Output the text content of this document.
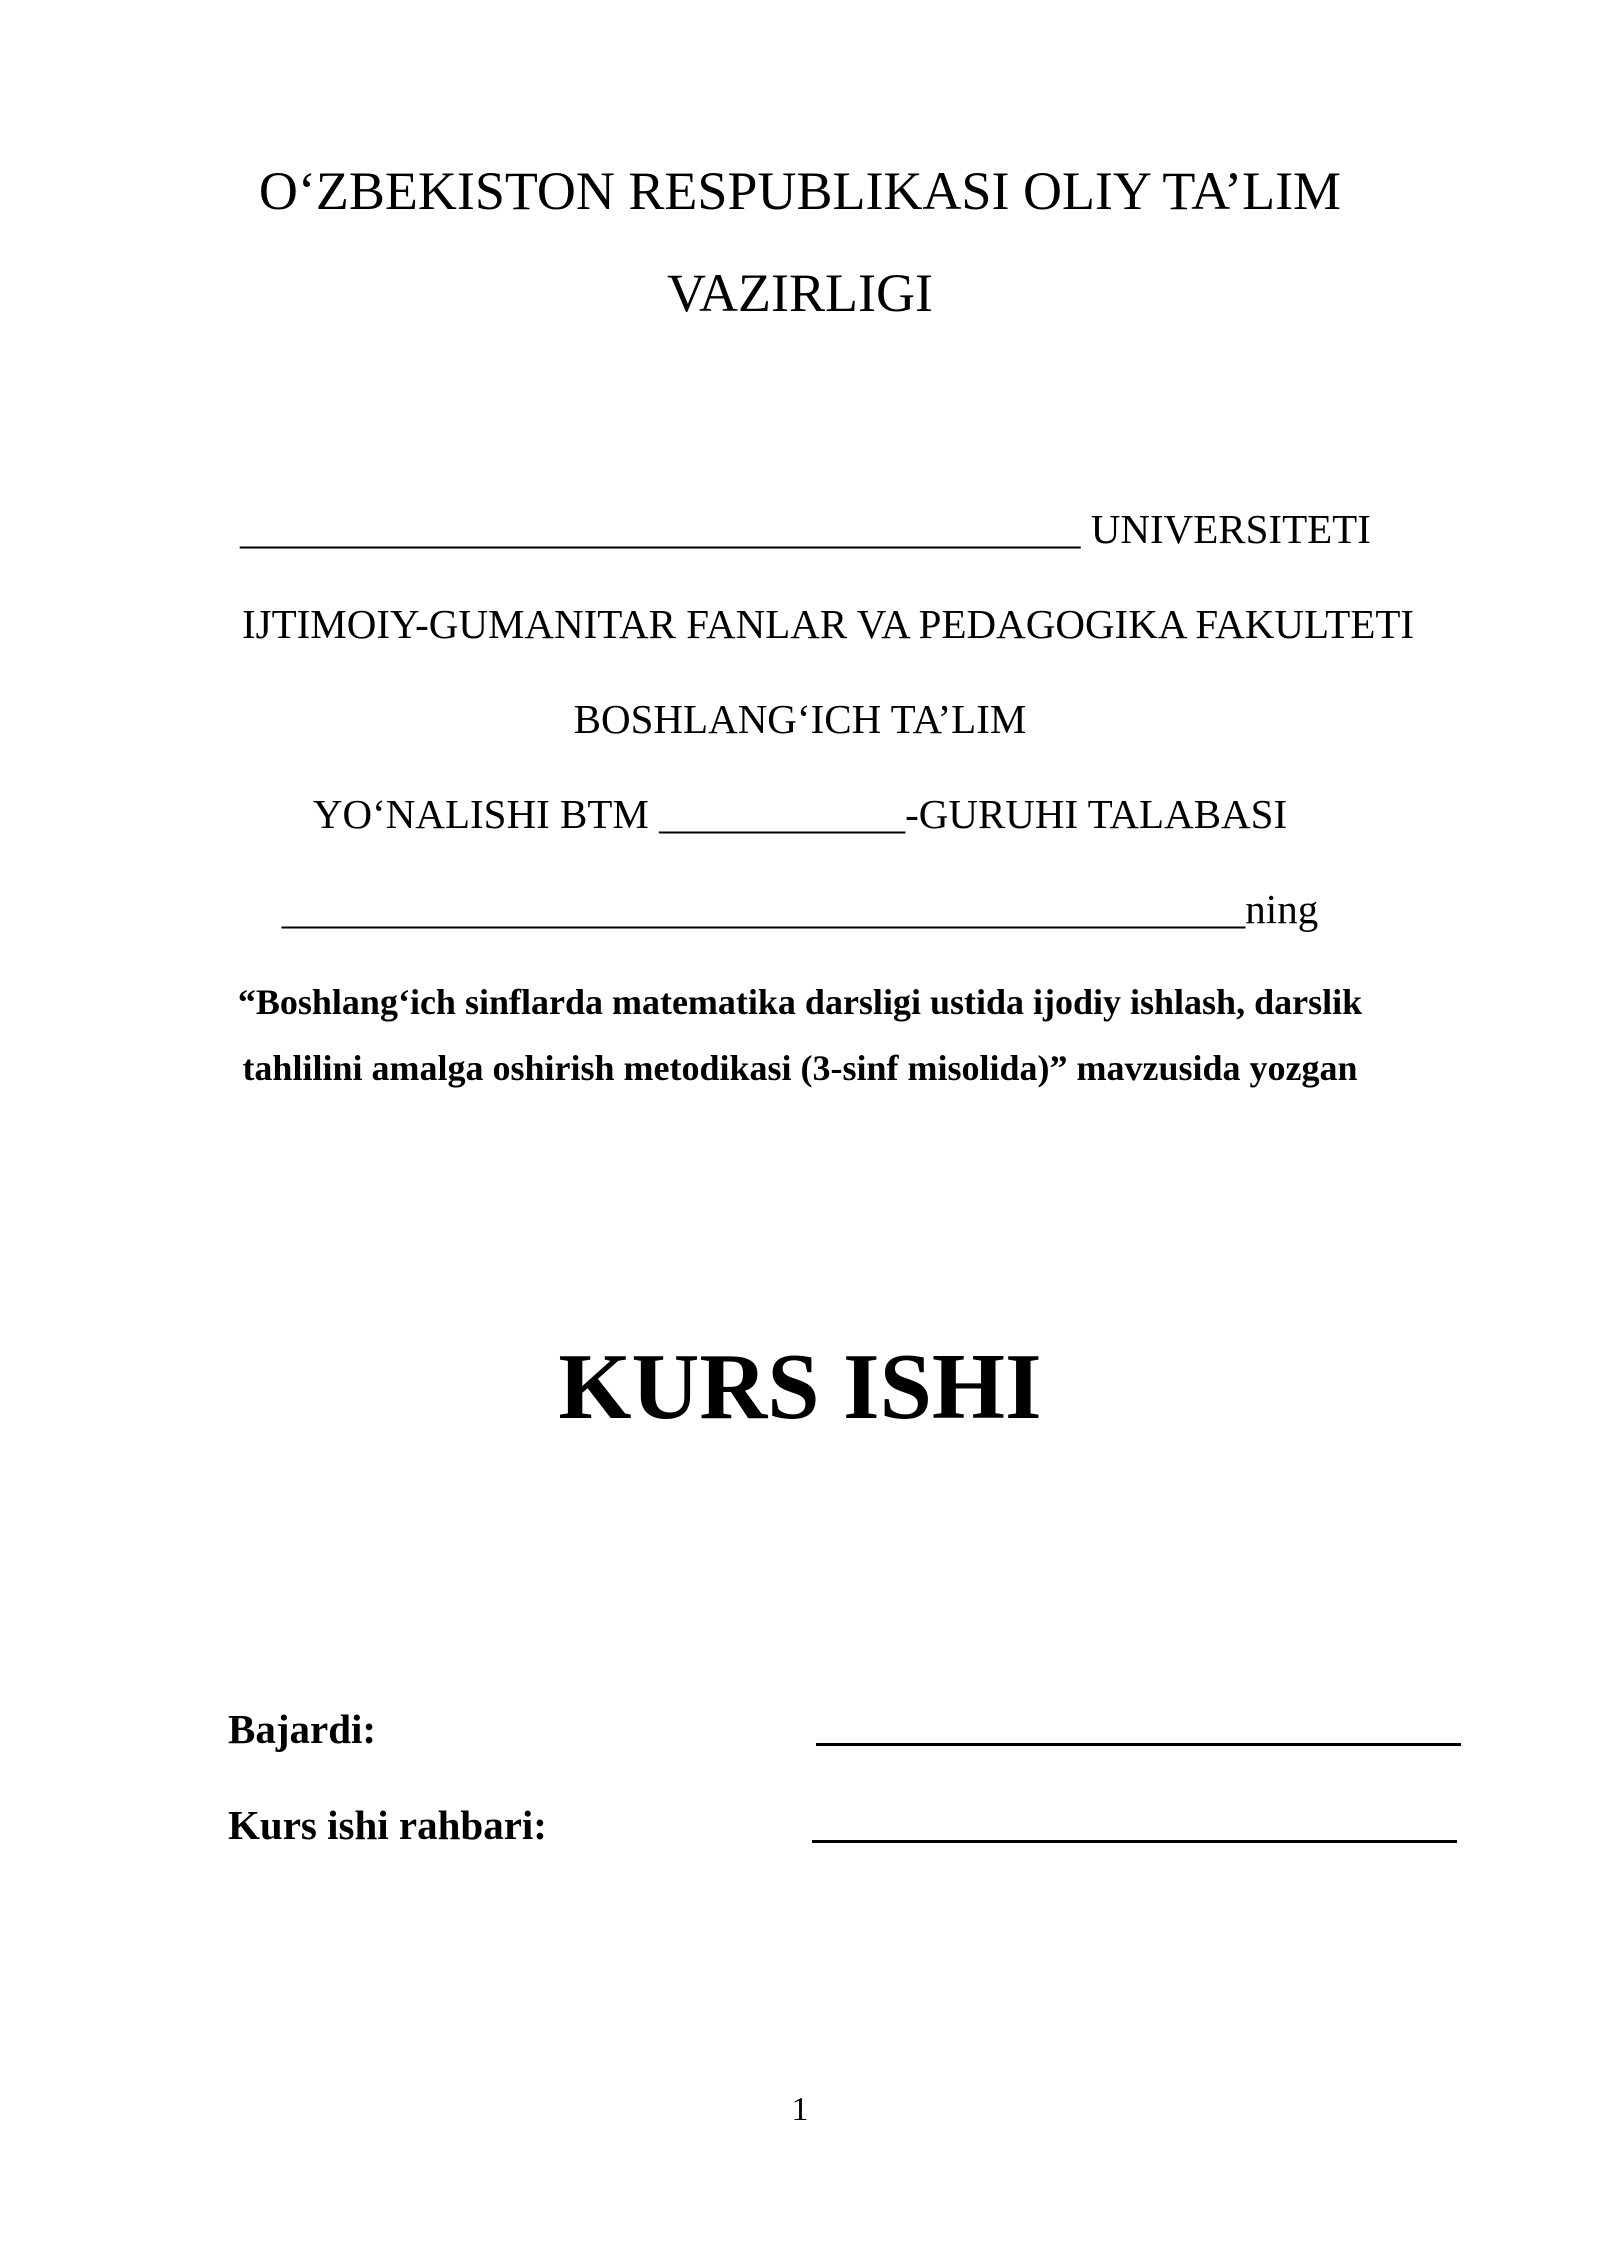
O‘ZBEKISTON RESPUBLIKASI OLIY TA’LIM
VAZIRLIGI
_________________________________________ UNIVERSITETI
IJTIMOIY-GUMANITAR FANLAR VA PEDAGOGIKA FAKULTETI
BOSHLANG‘ICH TA’LIM
YO‘NALISHI BTM ____________-GURUHI TALABASI
_______________________________________________ning
“Boshlang‘ich sinflarda matematika darsligi ustida ijodiy ishlash, darslik
tahlilini amalga oshirish metodikasi (3-sinf misolida)” mavzusida yozgan
KURS ISHI
Bajardi:
Kurs ishi rahbari:
1
